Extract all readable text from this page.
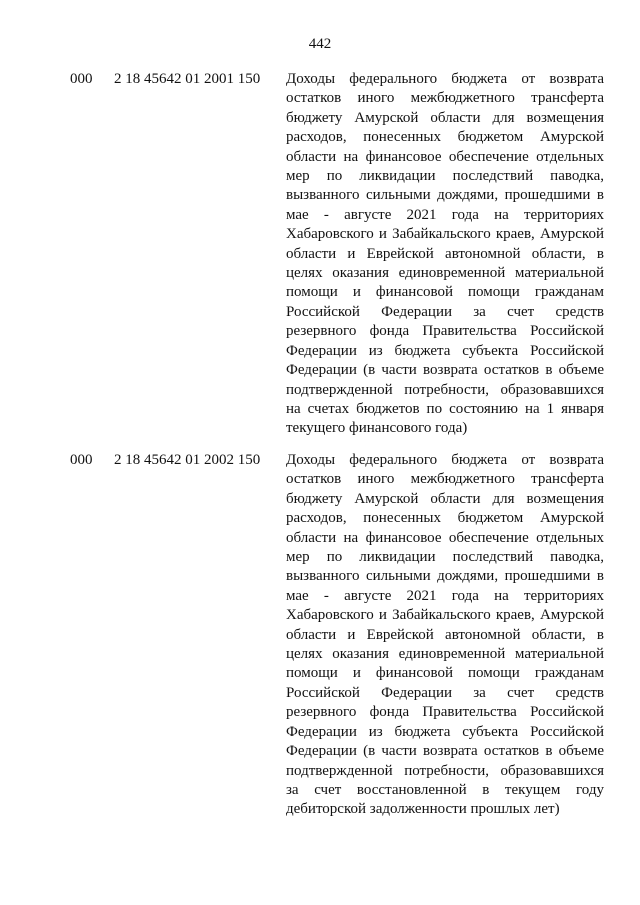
442
000 2 18 45642 01 2001 150 Доходы федерального бюджета от возврата
остатков иного межбюджетного трансферта
бюджету Амурской области для возмещения
расходов, понесенных бюджетом Амурской
области на финансовое обеспечение отдельных
мер по ликвидации последствий паводка,
вызванного сильными дождями, прошедшими в
мае - августе 2021 года на территориях
Хабаровского и Забайкальского краев, Амурской
области и Еврейской автономной области, в
целях оказания единовременной материальной
помощи и финансовой помощи гражданам
Российской Федерации за счет средств
резервного фонда Правительства Российской
Федерации из бюджета субъекта Российской
Федерации (в части возврата остатков в объеме
подтвержденной потребности, образовавшихся
на счетах бюджетов по состоянию на 1 января
текущего финансового года)
000 2 18 45642 01 2002 150 Доходы федерального бюджета от возврата
остатков иного межбюджетного трансферта
бюджету Амурской области для возмещения
расходов, понесенных бюджетом Амурской
области на финансовое обеспечение отдельных
мер по ликвидации последствий паводка,
вызванного сильными дождями, прошедшими в
мае - августе 2021 года на территориях
Хабаровского и Забайкальского краев, Амурской
области и Еврейской автономной области, в
целях оказания единовременной материальной
помощи и финансовой помощи гражданам
Российской Федерации за счет средств
резервного фонда Правительства Российской
Федерации из бюджета субъекта Российской
Федерации (в части возврата остатков в объеме
подтвержденной потребности, образовавшихся
за счет восстановленной в текущем году
дебиторской задолженности прошлых лет)
